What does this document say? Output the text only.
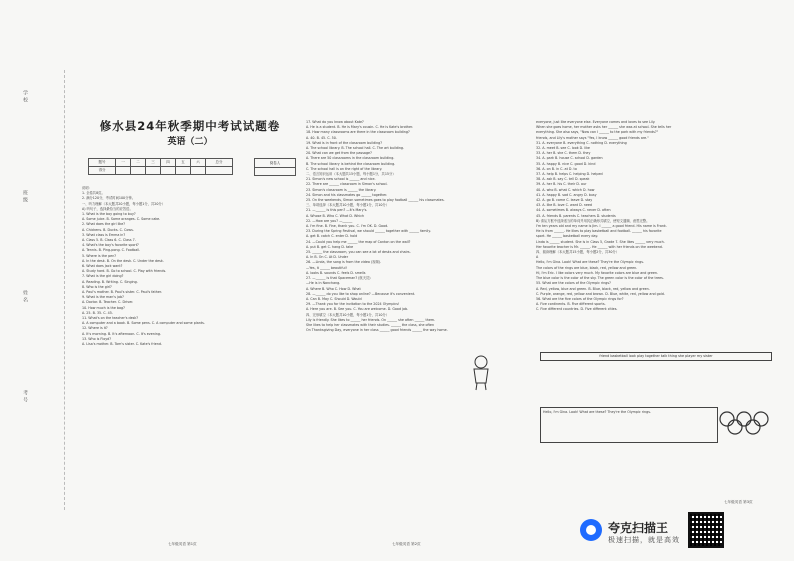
学校
班级
姓名
考号
修水县24年秋季期中考试试题卷
英语（二）
题号	一	二	三	四	五	六	总分
得分							
阅卷人
说明：
1. 全卷共8页。
2. 满分120分，考试时间100分钟。
一、听力理解（本大题共20小题，每小题1分，共20分）
A) 听句子，选择最恰当的应答语。
1. What is the boy going to buy?
A. Some juice. B. Some oranges. C. Some cake.
2. What does the girl like?
A. Chickens. B. Ducks. C. Cows.
3. What class is Emma in?
A. Class 5. B. Class 6. C. Class 7.
4. What's the boy's favorite sport?
A. Tennis. B. Ping-pong. C. Football.
5. Where is the pen?
A. In the desk. B. On the desk. C. Under the desk.
6. What does Jack want?
A. Study hard. B. Go to school. C. Play with friends.
7. What is the girl doing?
A. Reading. B. Writing. C. Singing.
8. Who is the girl?
A. Paul's mother. B. Paul's sister. C. Paul's father.
9. What is the man's job?
A. Doctor. B. Teacher. C. Driver.
10. How much is the bag?
A. 25. B. 35. C. 45.
11. What's on the teacher's desk?
A. A computer and a book. B. Some pens. C. A computer and some plants.
12. Where is it?
A. It's morning. B. It's afternoon. C. It's evening.
13. Who is Floyd?
A. Lisa's mother. B. Tom's sister. C. Kate's friend.
17. What do you know about Kate?
A. He is a student. B. He is Mary's cousin. C. He is Kate's brother.
18. How many classrooms are there in the classroom building?
A. 40. B. 45. C. 50.
19. What is in front of the classroom building?
A. The school library. B. The school hall. C. The art building.
20. What can we get from the passage?
A. There are 50 classrooms in the classroom building.
B. The school library is behind the classroom building.
C. The school hall is on the right of the library.
二、语言知识运用（本大题共15小题，每小题1分，共15分）
21. Simon's new school is ______ and nice.
22. There are ______ classroom in Simon's school.
23. Simon's classroom is ______ the library.
24. Simon and his classmates go ______ together.
25. On the weekends, Simon sometimes goes to play football ______ his classmates.
三、单项选择（本大题共10小题，每小题1分，共10分）
21. —______ is this pen? —It's Mary's.
A. Whose B. Who C. What D. Which
22. —How are you? —______
A. I'm fine. B. Fine, thank you. C. I'm OK. D. Good.
23. During the Spring Festival, we should ______ together with ______ family.
A. get B. catch C. enter D. hold
24. —Could you help me ______ the map of Canton on the wall?
A. put B. get C. hang D. take
25. ______ the classroom, you can see a lot of desks and chairs.
A. In B. On C. At D. Under
26. —Linda, the song is from the video (视频).
—Yes, it ______ beautiful!
A. looks B. sounds C. feels D. smells
27. —______ is that Spaceman? (航天员)
—He is in Nanchang.
A. Where B. Who C. How D. What
28. —______ do you like to shop online? —Because it's convenient.
A. Can B. May C. Should D. Would
29. —Thank you for the invitation to the 2024 Olympics!
A. Here you are. B. See you. C. You are welcome. D. Good job.
四、完形填空（本大题共10小题，每小题1分，共10分）
Lily is friendly. She likes to ______ her friends. On ______ she often ______ them.
She likes to help her classmates with their studies. ______ the class, she often
On Thanksgiving Day, everyone in her class ______ good friends ______ the way home.
everyone, just like everyone else. Everyone comes and loves to see Lily.
When she goes home, her mother asks her ______ she was at school. She tells her
everything. She also says, "Now can I ______ to the park with my friends?"
friends, and Lily's mother says "Yes, I know ______ good friends are."
31. A. everyone B. everything C. nothing D. everything
32. A. meet B. see C. look D. like
33. A. her B. she C. them D. they
34. A. park B. house C. school D. garden
35. A. happy B. nice C. good D. kind
36. A. on B. in C. at D. to
37. A. help B. helps C. helping D. helped
38. A. ask B. say C. tell D. speak
39. A. her B. his C. their D. our
40. A. who B. what C. which D. how
41. A. happy B. sad C. angry D. busy
42. A. go B. come C. leave D. stay
43. A. like B. love C. want D. need
44. A. sometimes B. always C. never D. often
45. A. friends B. parents C. teachers D. students
B) 请从方框中选择适当的单词并用其正确形式填空，使短文通顺、意思完整。
I'm ten years old and my name is Jim. I ______ a good friend. His name is Frank.
He is from ______. He likes to play basketball and football. ______ his favorite
sport. He ______ basketball every day.
Linda is ______ student. She is in Class 5, Grade 7. She likes ______ very much.
Her favorite teacher is Mr. ______. He ______ with her friends on the weekend.
四、阅读理解（本大题共15小题，每小题2分，共30分）
A
Hello, I'm Gina. Look! What are these? They're the Olympic rings.
The colors of the rings are blue, black, red, yellow and green.
Hi, I'm Eric. I like colors very much. My favorite colors are blue and green.
The blue color is the color of the sky. The green color is the color of the trees.
55. What are the colors of the Olympic rings?
A. Red, yellow, blue and green. B. Blue, black, red, yellow and green.
C. Purple, orange, red, yellow and brown. D. Blue, white, red, yellow and gold.
56. What are the five colors of the Olympic rings for?
A. Five continents. B. Five different sports.
C. Five different countries. D. Five different cities.
friend basketball look play together talk thing she player my sister
Hello, I'm Gina. Look! What are these? They're the Olympic rings.
七年级英语 第1页	七年级英语 第2页
七年级英语 第3页
夸克扫描王
极速扫描，就是高效
